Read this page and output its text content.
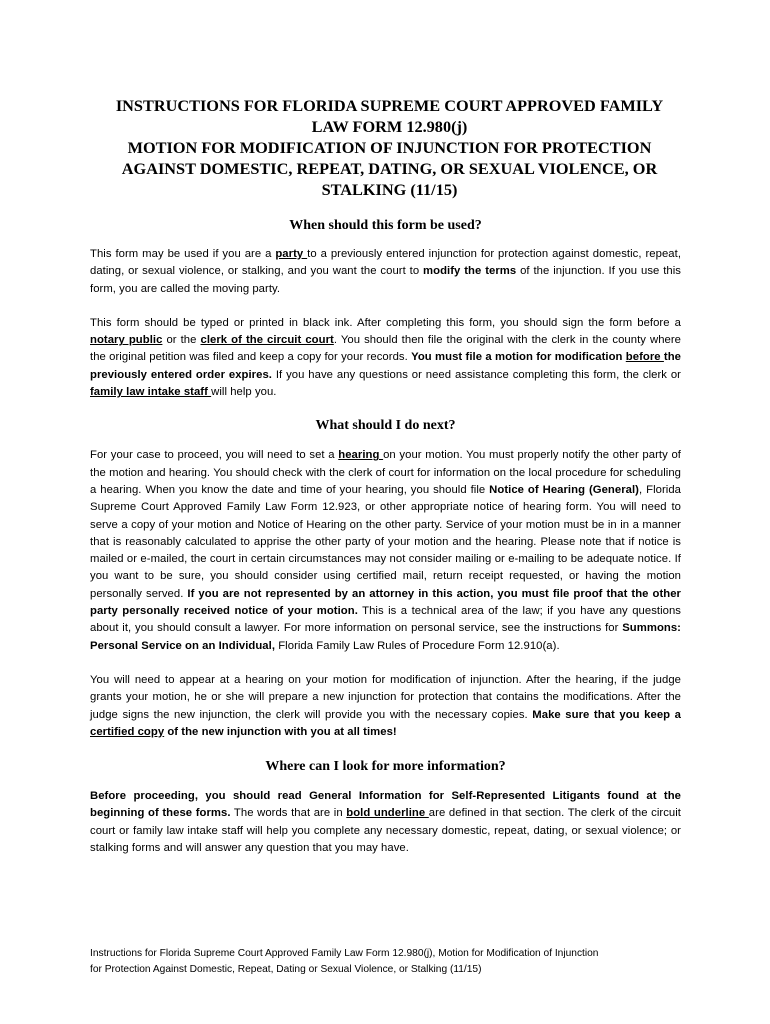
INSTRUCTIONS FOR FLORIDA SUPREME COURT APPROVED FAMILY
LAW FORM 12.980(j)
MOTION FOR MODIFICATION OF INJUNCTION FOR PROTECTION
AGAINST DOMESTIC, REPEAT, DATING, OR SEXUAL VIOLENCE, OR
STALKING (11/15)
When should this form be used?

This form may be used if you are a party to a previously entered injunction for protection against domestic, repeat, dating, or sexual violence, or stalking, and you want the court to modify the terms of the injunction. If you use this form, you are called the moving party.

This form should be typed or printed in black ink. After completing this form, you should sign the form before a notary public or the clerk of the circuit court. You should then file the original with the clerk in the county where the original petition was filed and keep a copy for your records. You must file a motion for modification before the previously entered order expires. If you have any questions or need assistance completing this form, the clerk or family law intake staff will help you.

What should I do next?

For your case to proceed, you will need to set a hearing on your motion. You must properly notify the other party of the motion and hearing. You should check with the clerk of court for information on the local procedure for scheduling a hearing. When you know the date and time of your hearing, you should file Notice of Hearing (General), Florida Supreme Court Approved Family Law Form 12.923, or other appropriate notice of hearing form. You will need to serve a copy of your motion and Notice of Hearing on the other party. Service of your motion must be in in a manner that is reasonably calculated to apprise the other party of your motion and the hearing. Please note that if notice is mailed or e-mailed, the court in certain circumstances may not consider mailing or e-mailing to be adequate notice. If you want to be sure, you should consider using certified mail, return receipt requested, or having the motion personally served. If you are not represented by an attorney in this action, you must file proof that the other party personally received notice of your motion. This is a technical area of the law; if you have any questions about it, you should consult a lawyer. For more information on personal service, see the instructions for Summons: Personal Service on an Individual, Florida Family Law Rules of Procedure Form 12.910(a).

You will need to appear at a hearing on your motion for modification of injunction. After the hearing, if the judge grants your motion, he or she will prepare a new injunction for protection that contains the modifications. After the judge signs the new injunction, the clerk will provide you with the necessary copies. Make sure that you keep a certified copy of the new injunction with you at all times!

Where can I look for more information?

Before proceeding, you should read General Information for Self-Represented Litigants found at the beginning of these forms. The words that are in bold underline are defined in that section. The clerk of the circuit court or family law intake staff will help you complete any necessary domestic, repeat, dating, or sexual violence; or stalking forms and will answer any question that you may have.

Instructions for Florida Supreme Court Approved Family Law Form 12.980(j), Motion for Modification of Injunction
for Protection Against Domestic, Repeat, Dating or Sexual Violence, or Stalking (11/15)
